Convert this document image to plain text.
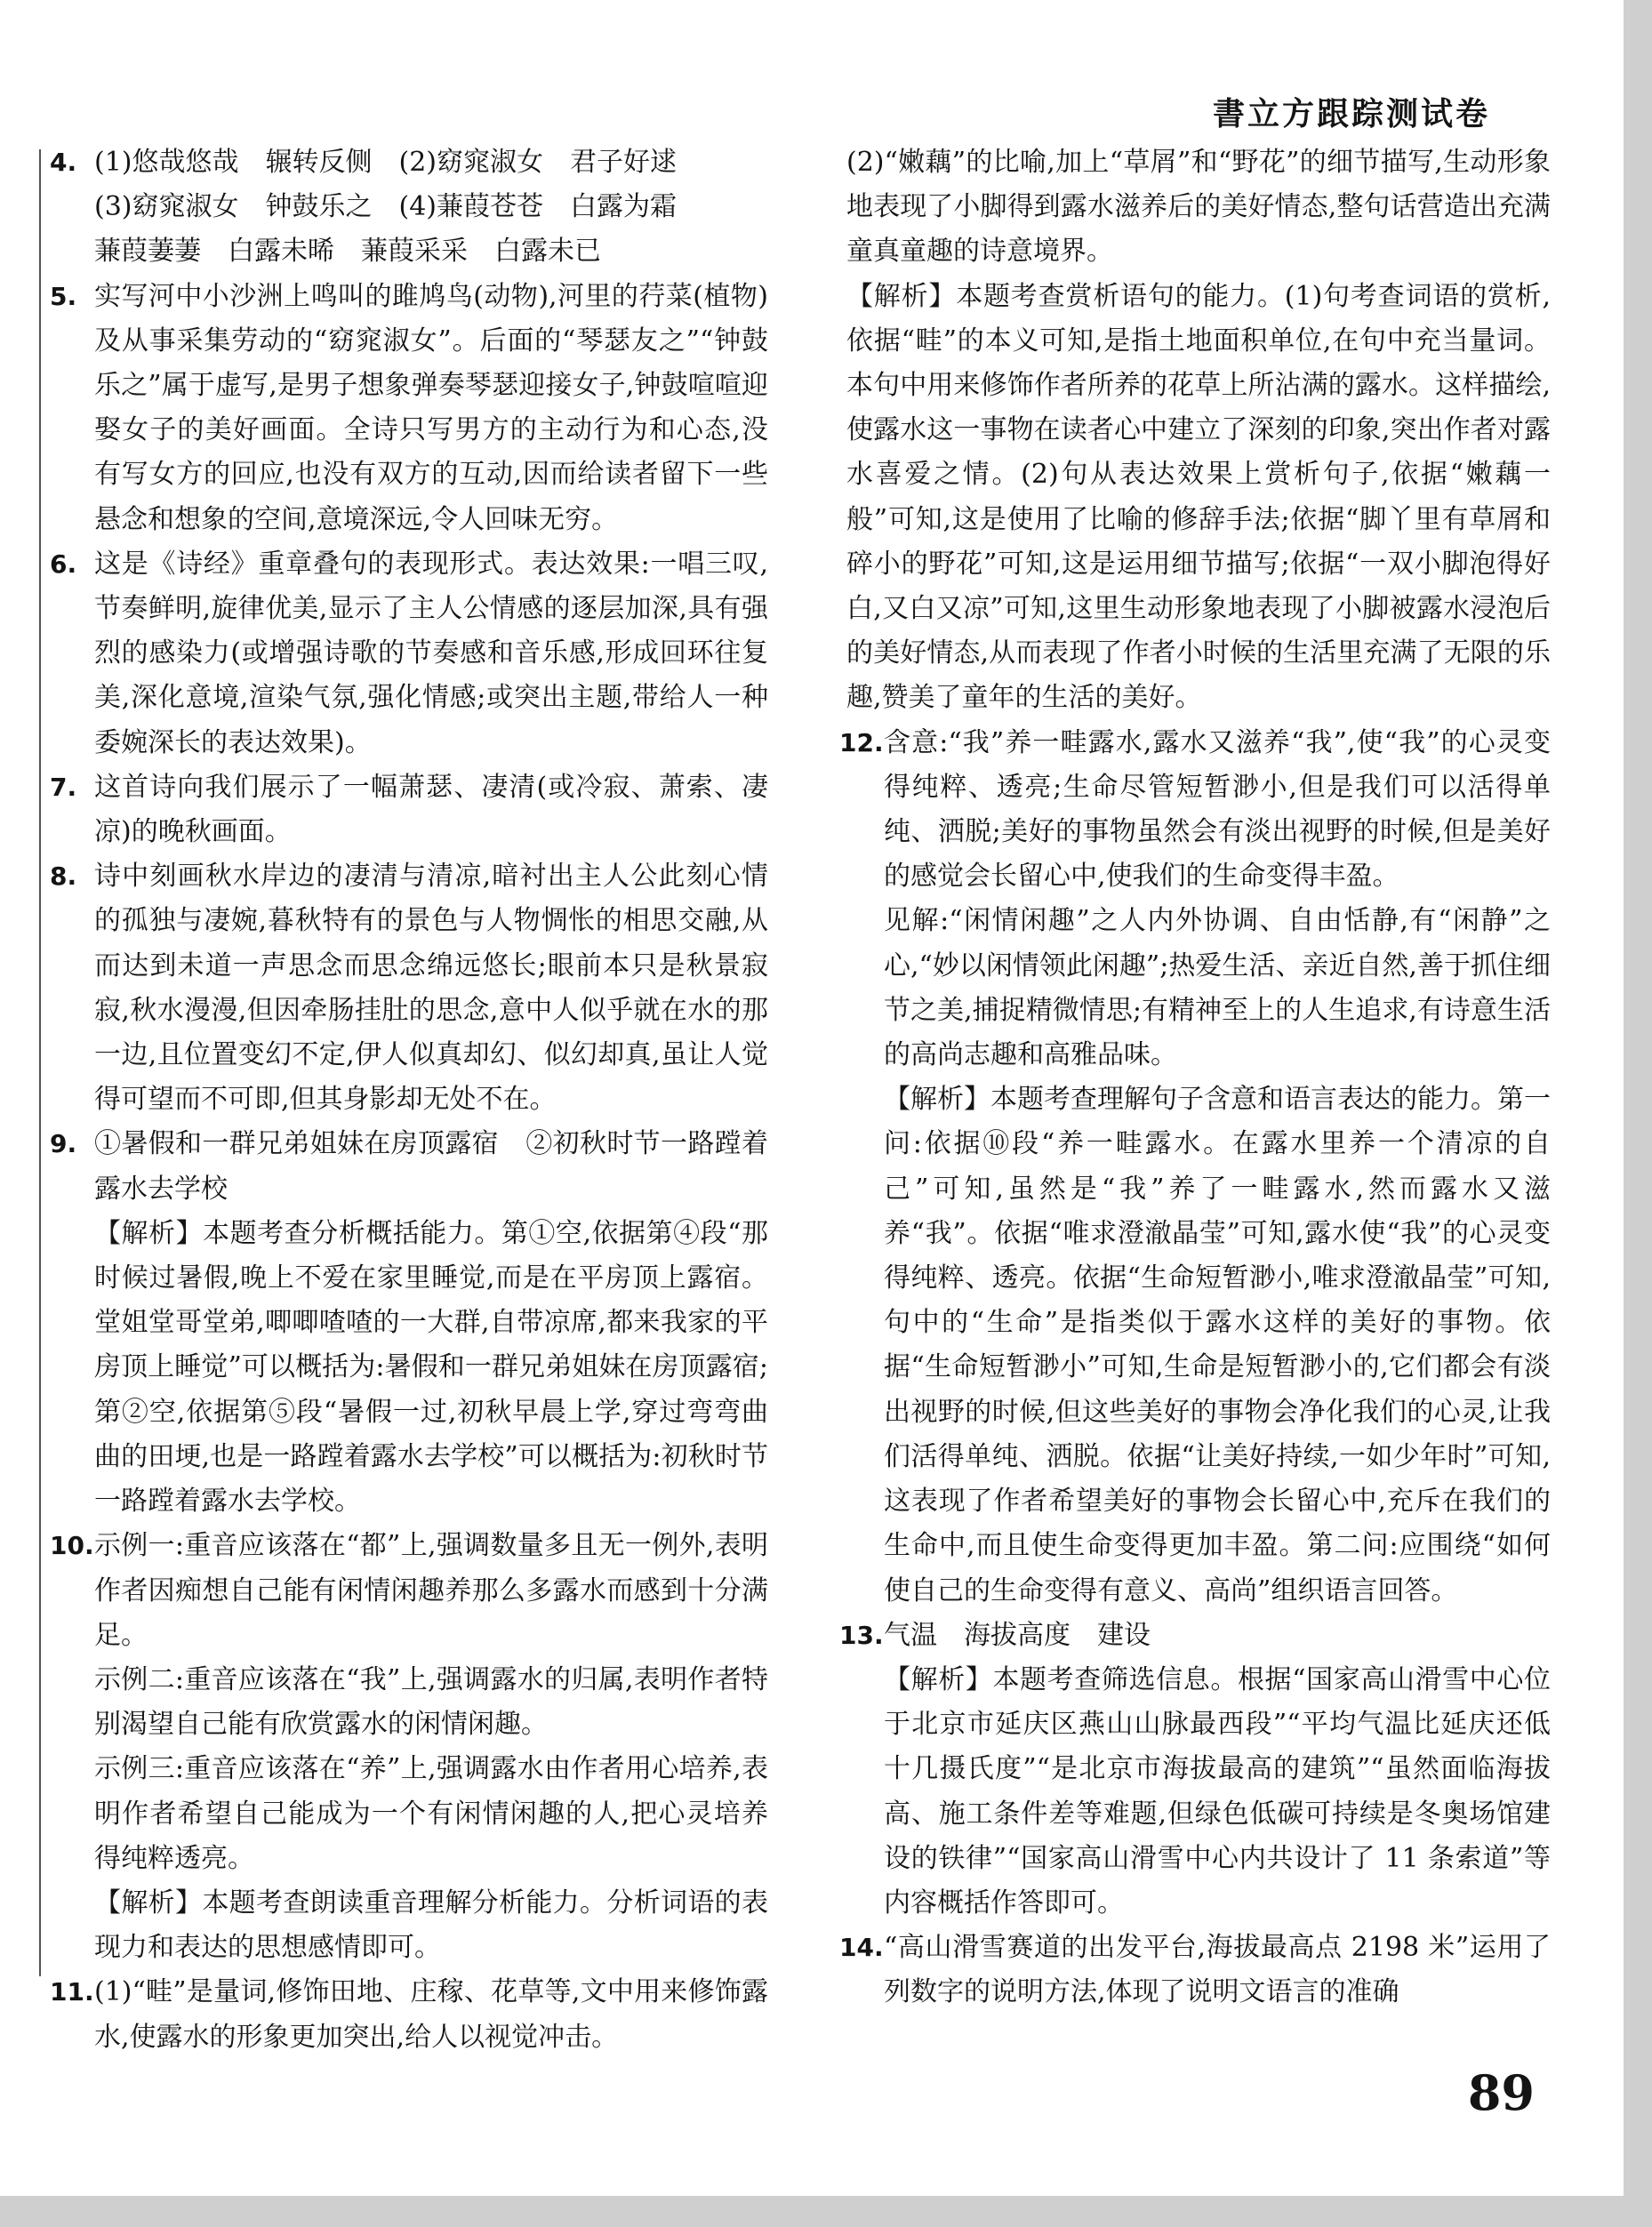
書立方跟踪测试卷
4. (1)悠哉悠哉　辗转反侧　(2)窈窕淑女　君子好逑

(3)窈窕淑女　钟鼓乐之　(4)蒹葭苍苍　白露为霜

蒹葭萋萋　白露未晞　蒹葭采采　白露未已

5. 实写河中小沙洲上鸣叫的雎鸠鸟(动物),河里的荇菜(植物)及从事采集劳动的“窈窕淑女”。后面的“琴瑟友之”“钟鼓乐之”属于虚写,是男子想象弹奏琴瑟迎接女子,钟鼓喧喧迎娶女子的美好画面。全诗只写男方的主动行为和心态,没有写女方的回应,也没有双方的互动,因而给读者留下一些悬念和想象的空间,意境深远,令人回味无穷。

6. 这是《诗经》重章叠句的表现形式。表达效果:一唱三叹,节奏鲜明,旋律优美,显示了主人公情感的逐层加深,具有强烈的感染力(或增强诗歌的节奏感和音乐感,形成回环往复美,深化意境,渲染气氛,强化情感;或突出主题,带给人一种委婉深长的表达效果)。

7. 这首诗向我们展示了一幅萧瑟、凄清(或冷寂、萧索、凄凉)的晚秋画面。

8. 诗中刻画秋水岸边的凄清与清凉,暗衬出主人公此刻心情的孤独与凄婉,暮秋特有的景色与人物惆怅的相思交融,从而达到未道一声思念而思念绵远悠长;眼前本只是秋景寂寂,秋水漫漫,但因牵肠挂肚的思念,意中人似乎就在水的那一边,且位置变幻不定,伊人似真却幻、似幻却真,虽让人觉得可望而不可即,但其身影却无处不在。

9. ①暑假和一群兄弟姐妹在房顶露宿　②初秋时节一路蹚着露水去学校

【解析】本题考查分析概括能力。第①空,依据第④段“那时候过暑假,晚上不爱在家里睡觉,而是在平房顶上露宿。堂姐堂哥堂弟,唧唧喳喳的一大群,自带凉席,都来我家的平房顶上睡觉”可以概括为:暑假和一群兄弟姐妹在房顶露宿;第②空,依据第⑤段“暑假一过,初秋早晨上学,穿过弯弯曲曲的田埂,也是一路蹚着露水去学校”可以概括为:初秋时节一路蹚着露水去学校。

10. 示例一:重音应该落在“都”上,强调数量多且无一例外,表明作者因痴想自己能有闲情闲趣养那么多露水而感到十分满足。

示例二:重音应该落在“我”上,强调露水的归属,表明作者特别渴望自己能有欣赏露水的闲情闲趣。

示例三:重音应该落在“养”上,强调露水由作者用心培养,表明作者希望自己能成为一个有闲情闲趣的人,把心灵培养得纯粹透亮。

【解析】本题考查朗读重音理解分析能力。分析词语的表现力和表达的思想感情即可。

11. (1)“畦”是量词,修饰田地、庄稼、花草等,文中用来修饰露水,使露水的形象更加突出,给人以视觉冲击。

(2)“嫩藕”的比喻,加上“草屑”和“野花”的细节描写,生动形象地表现了小脚得到露水滋养后的美好情态,整句话营造出充满童真童趣的诗意境界。

【解析】本题考查赏析语句的能力。(1)句考查词语的赏析,依据“畦”的本义可知,是指土地面积单位,在句中充当量词。本句中用来修饰作者所养的花草上所沾满的露水。这样描绘,使露水这一事物在读者心中建立了深刻的印象,突出作者对露水喜爱之情。(2)句从表达效果上赏析句子,依据“嫩藕一般”可知,这是使用了比喻的修辞手法;依据“脚丫里有草屑和碎小的野花”可知,这是运用细节描写;依据“一双小脚泡得好白,又白又凉”可知,这里生动形象地表现了小脚被露水浸泡后的美好情态,从而表现了作者小时候的生活里充满了无限的乐趣,赞美了童年的生活的美好。

12. 含意:“我”养一畦露水,露水又滋养“我”,使“我”的心灵变得纯粹、透亮;生命尽管短暂渺小,但是我们可以活得单纯、洒脱;美好的事物虽然会有淡出视野的时候,但是美好的感觉会长留心中,使我们的生命变得丰盈。

见解:“闲情闲趣”之人内外协调、自由恬静,有“闲静”之心,“妙以闲情领此闲趣”;热爱生活、亲近自然,善于抓住细节之美,捕捉精微情思;有精神至上的人生追求,有诗意生活的高尚志趣和高雅品味。

【解析】本题考查理解句子含意和语言表达的能力。第一问:依据⑩段“养一畦露水。在露水里养一个清凉的自己”可知,虽然是“我”养了一畦露水,然而露水又滋养“我”。依据“唯求澄澈晶莹”可知,露水使“我”的心灵变得纯粹、透亮。依据“生命短暂渺小,唯求澄澈晶莹”可知,句中的“生命”是指类似于露水这样的美好的事物。依据“生命短暂渺小”可知,生命是短暂渺小的,它们都会有淡出视野的时候,但这些美好的事物会净化我们的心灵,让我们活得单纯、洒脱。依据“让美好持续,一如少年时”可知,这表现了作者希望美好的事物会长留心中,充斥在我们的生命中,而且使生命变得更加丰盈。第二问:应围绕“如何使自己的生命变得有意义、高尚”组织语言回答。

13. 气温　海拔高度　建设

【解析】本题考查筛选信息。根据“国家高山滑雪中心位于北京市延庆区燕山山脉最西段”“平均气温比延庆还低十几摄氏度”“是北京市海拔最高的建筑”“虽然面临海拔高、施工条件差等难题,但绿色低碳可持续是冬奥场馆建设的铁律”“国家高山滑雪中心内共设计了 11 条索道”等内容概括作答即可。

14. “高山滑雪赛道的出发平台,海拔最高点 2198 米”运用了列数字的说明方法,体现了说明文语言的准确

89
